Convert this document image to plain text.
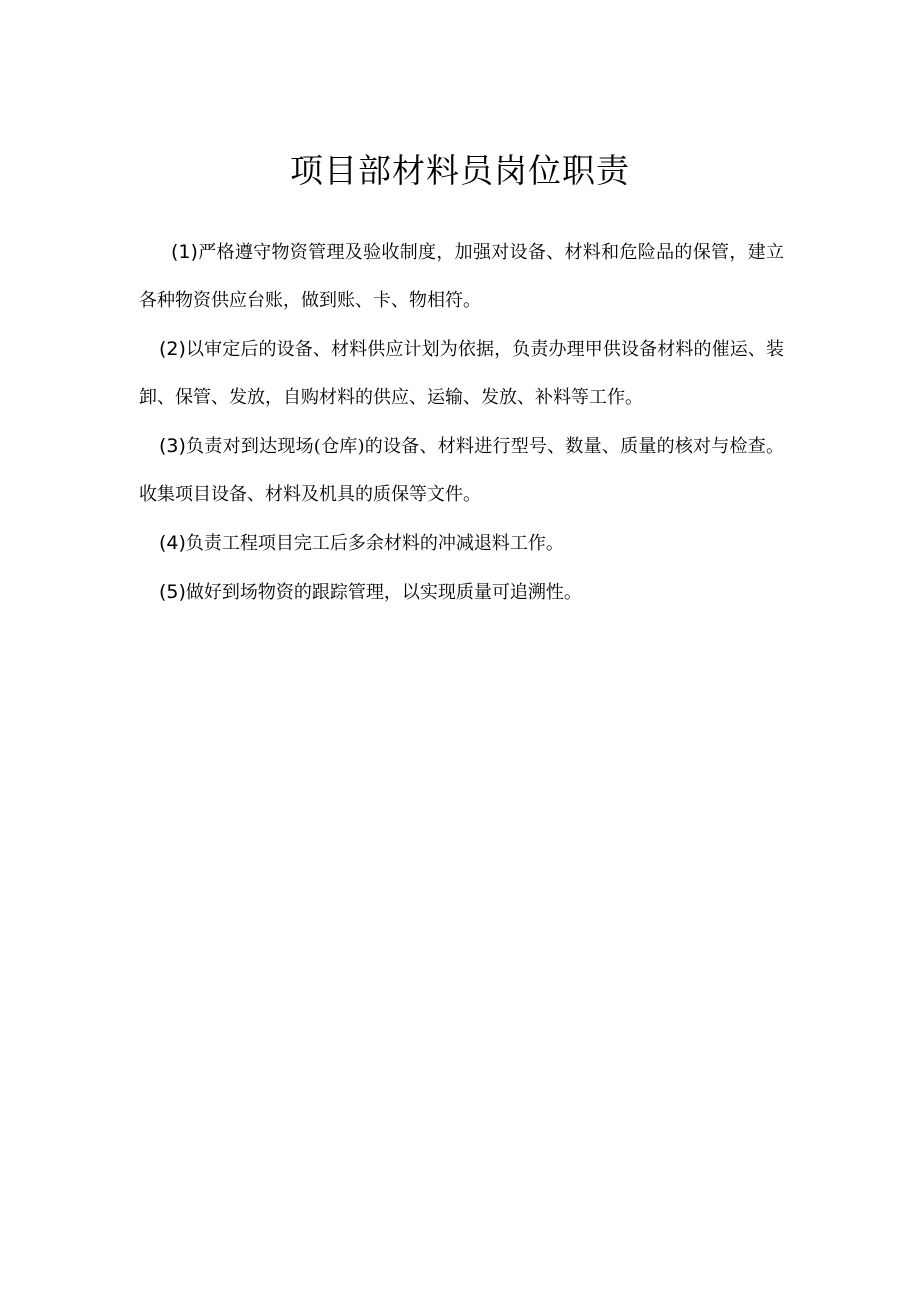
项目部材料员岗位职责

(1)严格遵守物资管理及验收制度，加强对设备、材料和危险品的保管，建立各种物资供应台账，做到账、卡、物相符。

(2)以审定后的设备、材料供应计划为依据，负责办理甲供设备材料的催运、装卸、保管、发放，自购材料的供应、运输、发放、补料等工作。

(3)负责对到达现场(仓库)的设备、材料进行型号、数量、质量的核对与检查。收集项目设备、材料及机具的质保等文件。

(4)负责工程项目完工后多余材料的冲减退料工作。

(5)做好到场物资的跟踪管理，以实现质量可追溯性。
